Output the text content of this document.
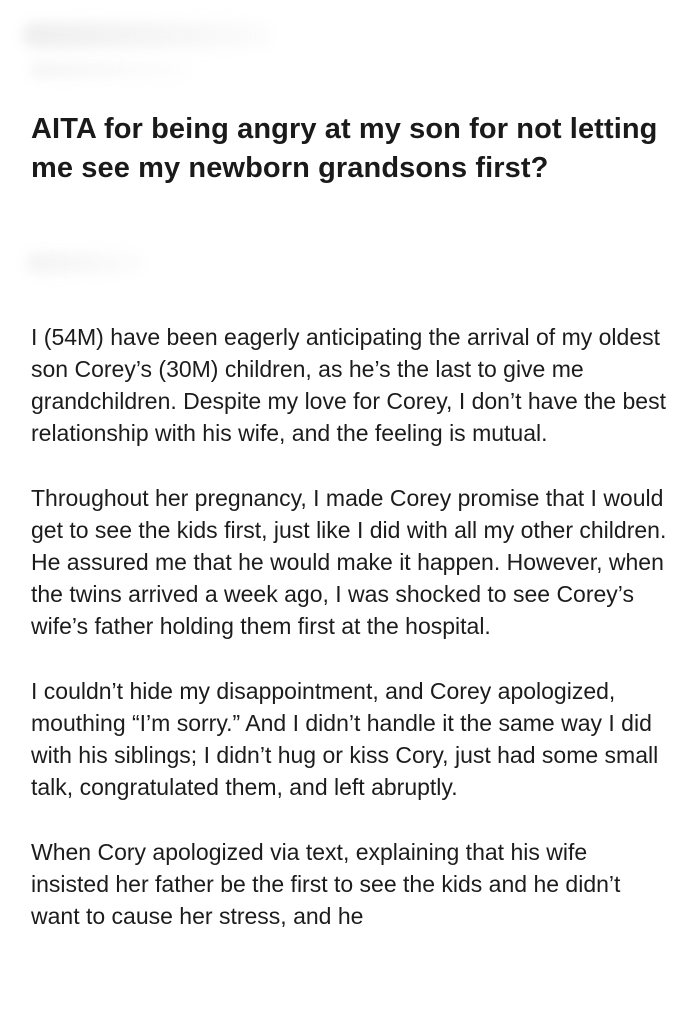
AITA for being angry at my son for not letting me see my newborn grandsons first?

I (54M) have been eagerly anticipating the arrival of my oldest son Corey’s (30M) children, as he’s the last to give me grandchildren. Despite my love for Corey, I don’t have the best relationship with his wife, and the feeling is mutual.

Throughout her pregnancy, I made Corey promise that I would get to see the kids first, just like I did with all my other children. He assured me that he would make it happen. However, when the twins arrived a week ago, I was shocked to see Corey’s wife’s father holding them first at the hospital.

I couldn’t hide my disappointment, and Corey apologized, mouthing “I’m sorry.” And I didn’t handle it the same way I did with his siblings; I didn’t hug or kiss Cory, just had some small talk, congratulated them, and left abruptly.

When Cory apologized via text, explaining that his wife insisted her father be the first to see the kids and he didn’t want to cause her stress, and he
